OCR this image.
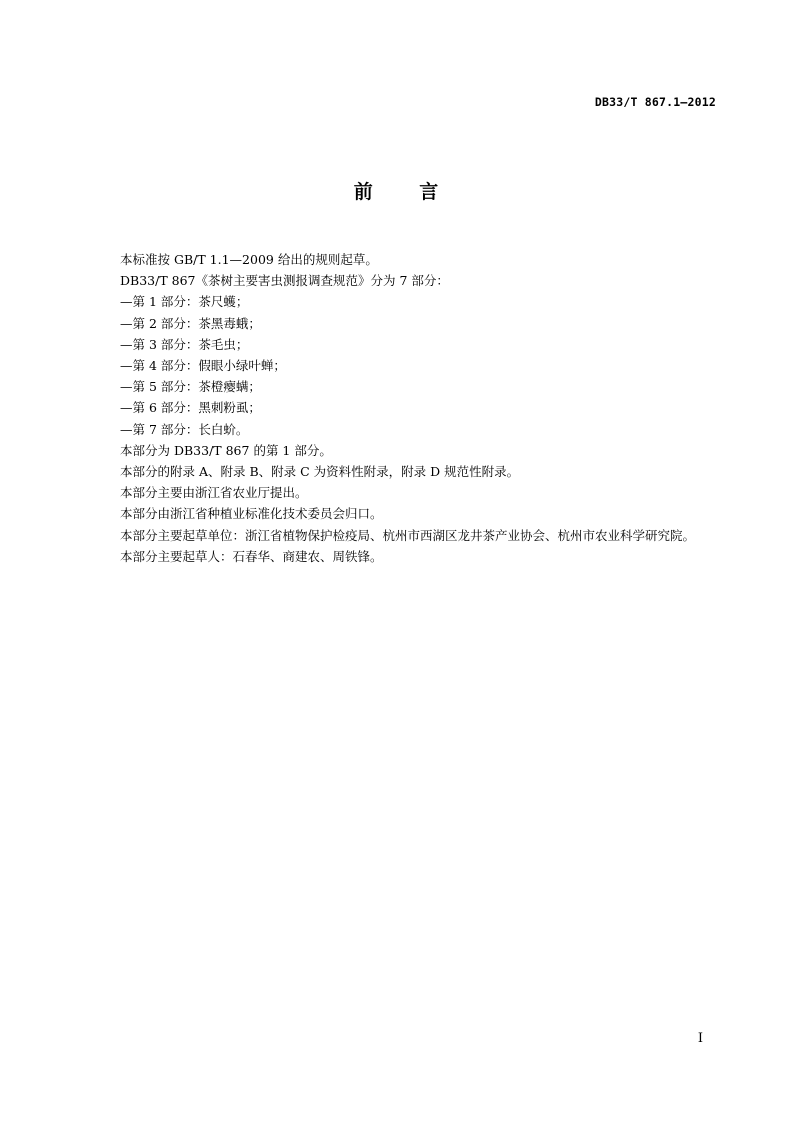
DB33/T 867.1—2012
前 言

本标准按 GB/T 1.1—2009 给出的规则起草。

DB33/T 867《茶树主要害虫测报调查规范》分为 7 部分：

—第 1 部分：茶尺蠖；

—第 2 部分：茶黑毒蛾；

—第 3 部分：茶毛虫；

—第 4 部分：假眼小绿叶蝉；

—第 5 部分：茶橙瘿螨；

—第 6 部分：黑刺粉虱；

—第 7 部分：长白蚧。

本部分为 DB33/T 867 的第 1 部分。

本部分的附录 A、附录 B、附录 C 为资料性附录，附录 D 规范性附录。

本部分主要由浙江省农业厅提出。

本部分由浙江省种植业标准化技术委员会归口。

本部分主要起草单位：浙江省植物保护检疫局、杭州市西湖区龙井茶产业协会、杭州市农业科学研究院。

本部分主要起草人：石春华、商建农、周铁锋。

I
